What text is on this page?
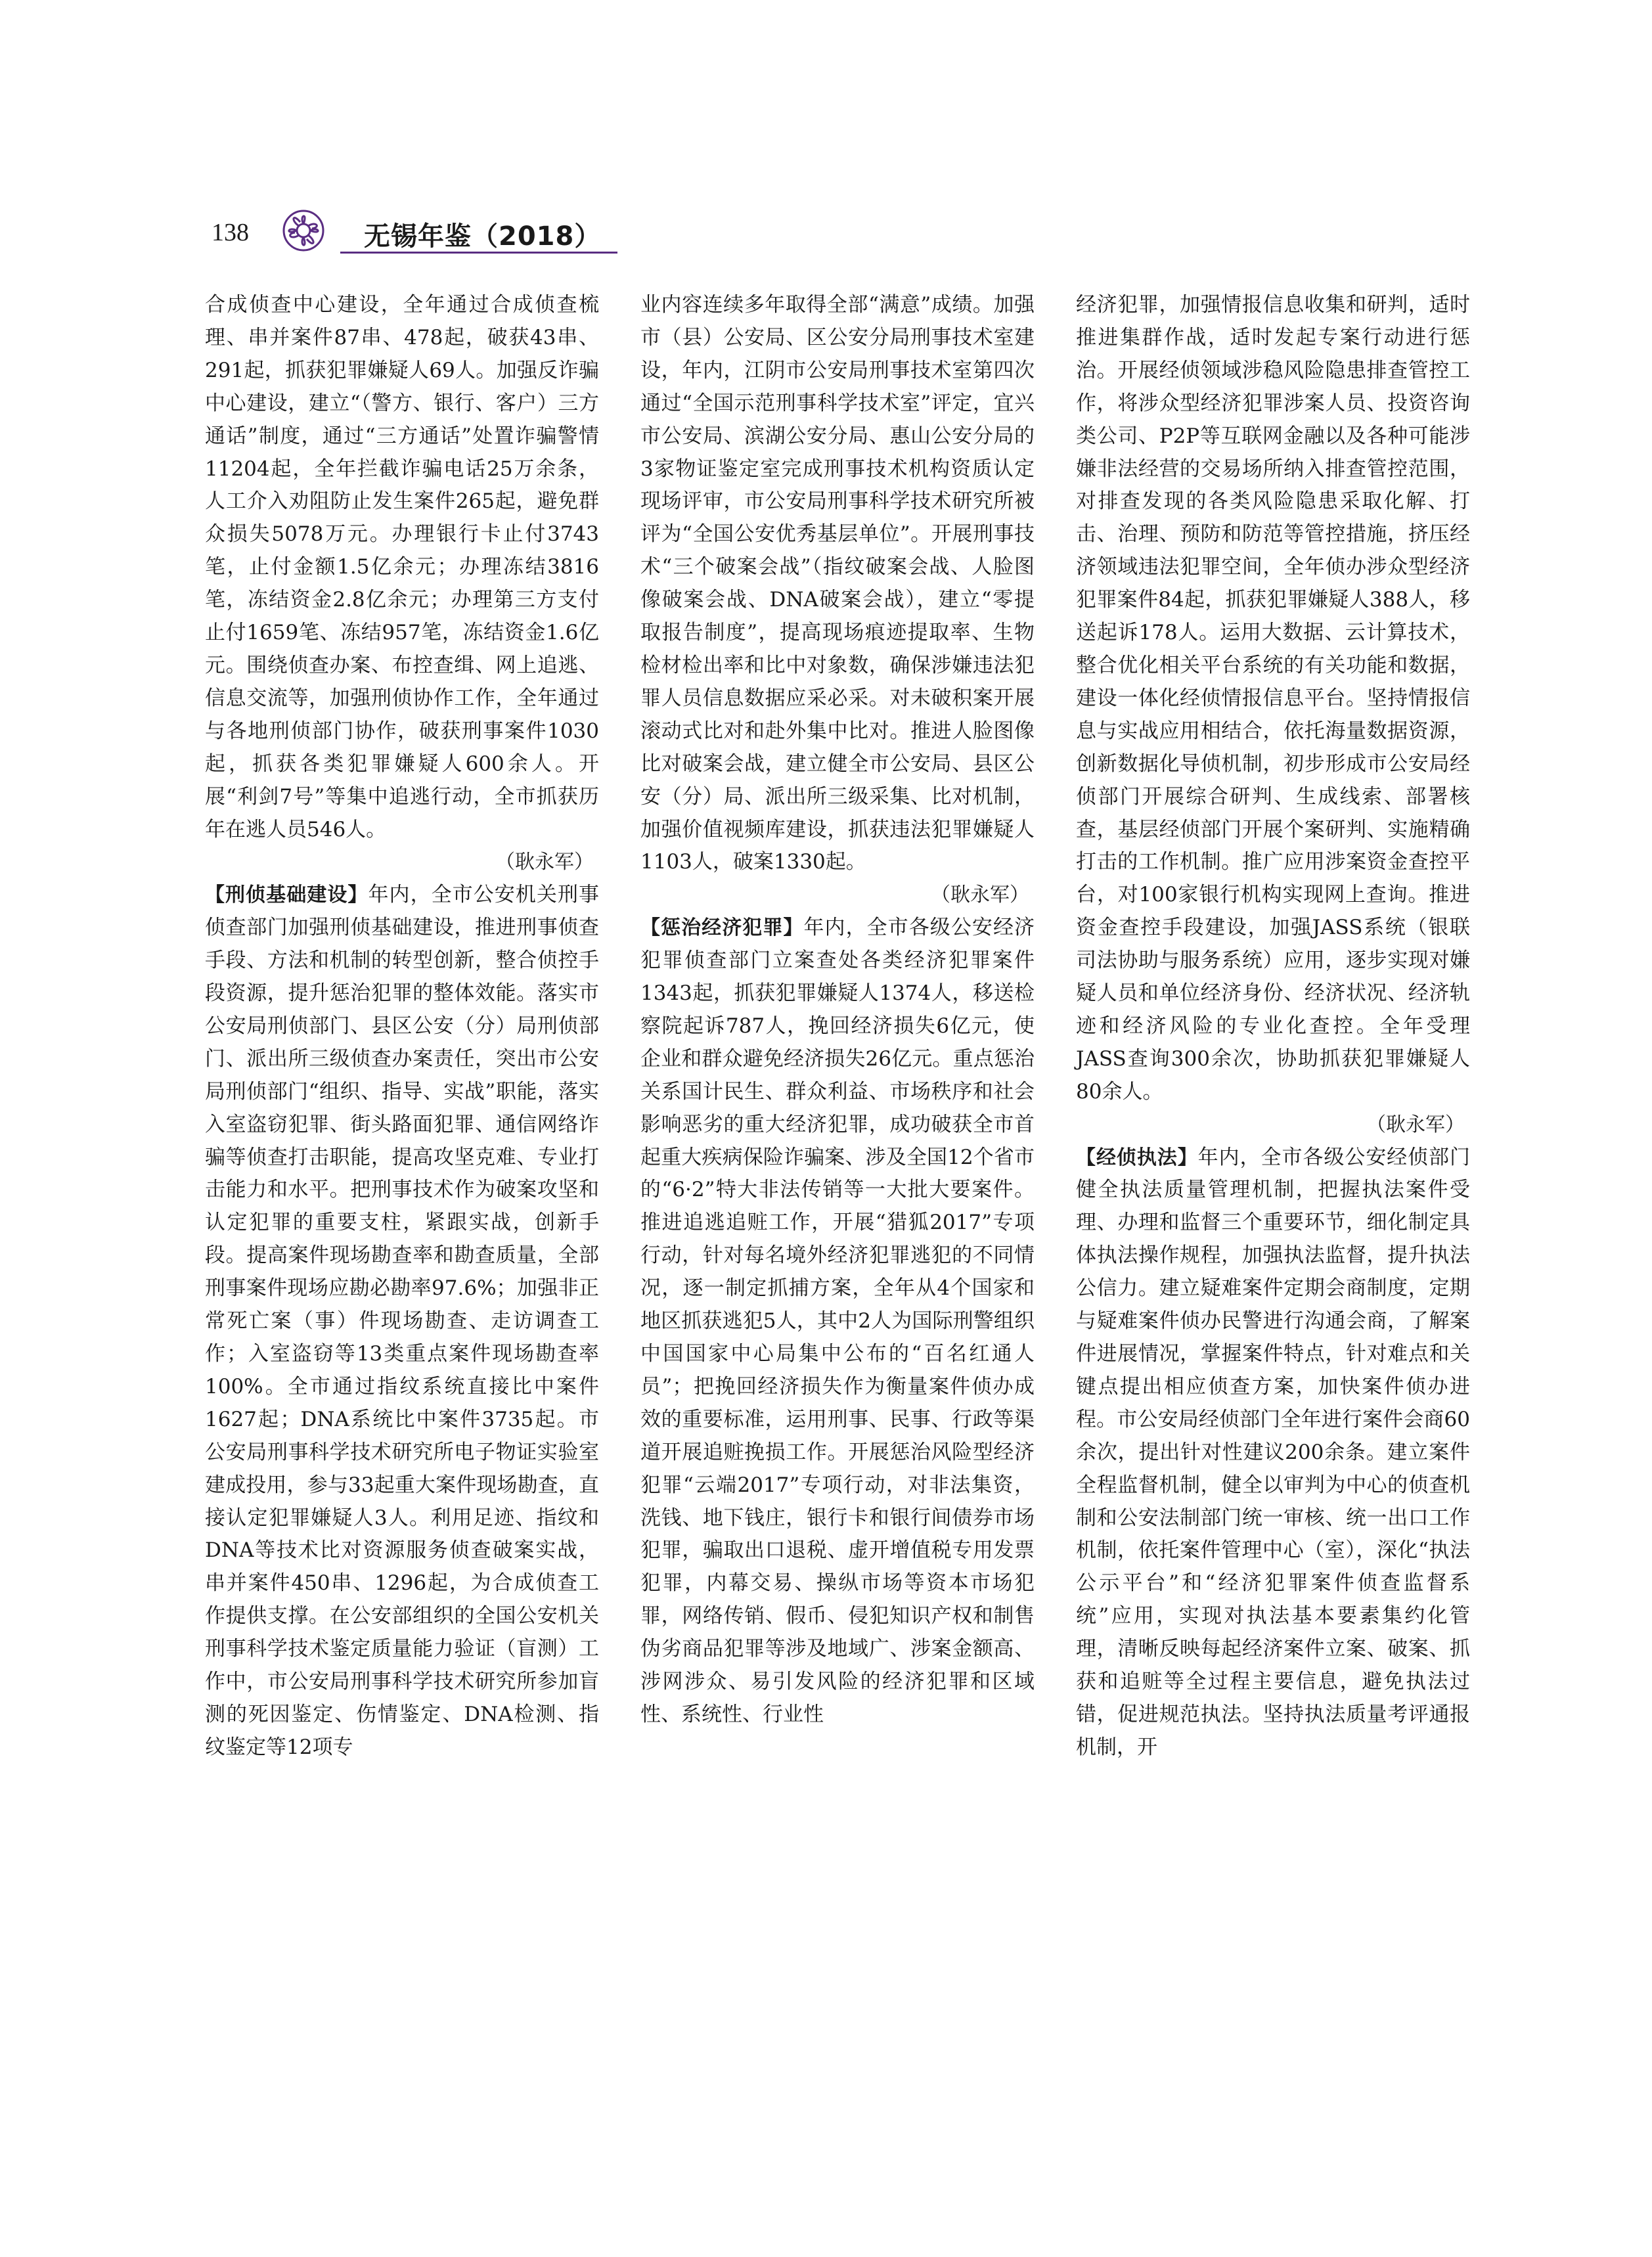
138	无锡年鉴（2018）

合成侦查中心建设，全年通过合成侦查梳理、串并案件87串、478起，破获43串、291起，抓获犯罪嫌疑人69人。加强反诈骗中心建设，建立“（警方、银行、客户）三方通话”制度，通过“三方通话”处置诈骗警情11204起，全年拦截诈骗电话25万余条，人工介入劝阻防止发生案件265起，避免群众损失5078万元。办理银行卡止付3743笔，止付金额1.5亿余元；办理冻结3816笔，冻结资金2.8亿余元；办理第三方支付止付1659笔、冻结957笔，冻结资金1.6亿元。围绕侦查办案、布控查缉、网上追逃、信息交流等，加强刑侦协作工作，全年通过与各地刑侦部门协作，破获刑事案件1030起，抓获各类犯罪嫌疑人600余人。开展“利剑7号”等集中追逃行动，全市抓获历年在逃人员546人。

（耿永军）

【刑侦基础建设】年内，全市公安机关刑事侦查部门加强刑侦基础建设，推进刑事侦查手段、方法和机制的转型创新，整合侦控手段资源，提升惩治犯罪的整体效能。落实市公安局刑侦部门、县区公安（分）局刑侦部门、派出所三级侦查办案责任，突出市公安局刑侦部门“组织、指导、实战”职能，落实入室盗窃犯罪、街头路面犯罪、通信网络诈骗等侦查打击职能，提高攻坚克难、专业打击能力和水平。把刑事技术作为破案攻坚和认定犯罪的重要支柱，紧跟实战，创新手段。提高案件现场勘查率和勘查质量，全部刑事案件现场应勘必勘率97.6%；加强非正常死亡案（事）件现场勘查、走访调查工作；入室盗窃等13类重点案件现场勘查率100%。全市通过指纹系统直接比中案件1627起；DNA系统比中案件3735起。市公安局刑事科学技术研究所电子物证实验室建成投用，参与33起重大案件现场勘查，直接认定犯罪嫌疑人3人。利用足迹、指纹和DNA等技术比对资源服务侦查破案实战，串并案件450串、1296起，为合成侦查工作提供支撑。在公安部组织的全国公安机关刑事科学技术鉴定质量能力验证（盲测）工作中，市公安局刑事科学技术研究所参加盲测的死因鉴定、伤情鉴定、DNA检测、指纹鉴定等12项专

业内容连续多年取得全部“满意”成绩。加强市（县）公安局、区公安分局刑事技术室建设，年内，江阴市公安局刑事技术室第四次通过“全国示范刑事科学技术室”评定，宜兴市公安局、滨湖公安分局、惠山公安分局的3家物证鉴定室完成刑事技术机构资质认定现场评审，市公安局刑事科学技术研究所被评为“全国公安优秀基层单位”。开展刑事技术“三个破案会战”（指纹破案会战、人脸图像破案会战、DNA破案会战），建立“零提取报告制度”，提高现场痕迹提取率、生物检材检出率和比中对象数，确保涉嫌违法犯罪人员信息数据应采必采。对未破积案开展滚动式比对和赴外集中比对。推进人脸图像比对破案会战，建立健全市公安局、县区公安（分）局、派出所三级采集、比对机制，加强价值视频库建设，抓获违法犯罪嫌疑人1103人，破案1330起。

（耿永军）

【惩治经济犯罪】年内，全市各级公安经济犯罪侦查部门立案查处各类经济犯罪案件1343起，抓获犯罪嫌疑人1374人，移送检察院起诉787人，挽回经济损失6亿元，使企业和群众避免经济损失26亿元。重点惩治关系国计民生、群众利益、市场秩序和社会影响恶劣的重大经济犯罪，成功破获全市首起重大疾病保险诈骗案、涉及全国12个省市的“6·2”特大非法传销等一大批大要案件。推进追逃追赃工作，开展“猎狐2017”专项行动，针对每名境外经济犯罪逃犯的不同情况，逐一制定抓捕方案，全年从4个国家和地区抓获逃犯5人，其中2人为国际刑警组织中国国家中心局集中公布的“百名红通人员”；把挽回经济损失作为衡量案件侦办成效的重要标准，运用刑事、民事、行政等渠道开展追赃挽损工作。开展惩治风险型经济犯罪“云端2017”专项行动，对非法集资，洗钱、地下钱庄，银行卡和银行间债券市场犯罪，骗取出口退税、虚开增值税专用发票犯罪，内幕交易、操纵市场等资本市场犯罪，网络传销、假币、侵犯知识产权和制售伪劣商品犯罪等涉及地域广、涉案金额高、涉网涉众、易引发风险的经济犯罪和区域性、系统性、行业性

经济犯罪，加强情报信息收集和研判，适时推进集群作战，适时发起专案行动进行惩治。开展经侦领域涉稳风险隐患排查管控工作，将涉众型经济犯罪涉案人员、投资咨询类公司、P2P等互联网金融以及各种可能涉嫌非法经营的交易场所纳入排查管控范围，对排查发现的各类风险隐患采取化解、打击、治理、预防和防范等管控措施，挤压经济领域违法犯罪空间，全年侦办涉众型经济犯罪案件84起，抓获犯罪嫌疑人388人，移送起诉178人。运用大数据、云计算技术，整合优化相关平台系统的有关功能和数据，建设一体化经侦情报信息平台。坚持情报信息与实战应用相结合，依托海量数据资源，创新数据化导侦机制，初步形成市公安局经侦部门开展综合研判、生成线索、部署核查，基层经侦部门开展个案研判、实施精确打击的工作机制。推广应用涉案资金查控平台，对100家银行机构实现网上查询。推进资金查控手段建设，加强JASS系统（银联司法协助与服务系统）应用，逐步实现对嫌疑人员和单位经济身份、经济状况、经济轨迹和经济风险的专业化查控。全年受理JASS查询300余次，协助抓获犯罪嫌疑人80余人。

（耿永军）

【经侦执法】年内，全市各级公安经侦部门健全执法质量管理机制，把握执法案件受理、办理和监督三个重要环节，细化制定具体执法操作规程，加强执法监督，提升执法公信力。建立疑难案件定期会商制度，定期与疑难案件侦办民警进行沟通会商，了解案件进展情况，掌握案件特点，针对难点和关键点提出相应侦查方案，加快案件侦办进程。市公安局经侦部门全年进行案件会商60余次，提出针对性建议200余条。建立案件全程监督机制，健全以审判为中心的侦查机制和公安法制部门统一审核、统一出口工作机制，依托案件管理中心（室），深化“执法公示平台”和“经济犯罪案件侦查监督系统”应用，实现对执法基本要素集约化管理，清晰反映每起经济案件立案、破案、抓获和追赃等全过程主要信息，避免执法过错，促进规范执法。坚持执法质量考评通报机制，开
